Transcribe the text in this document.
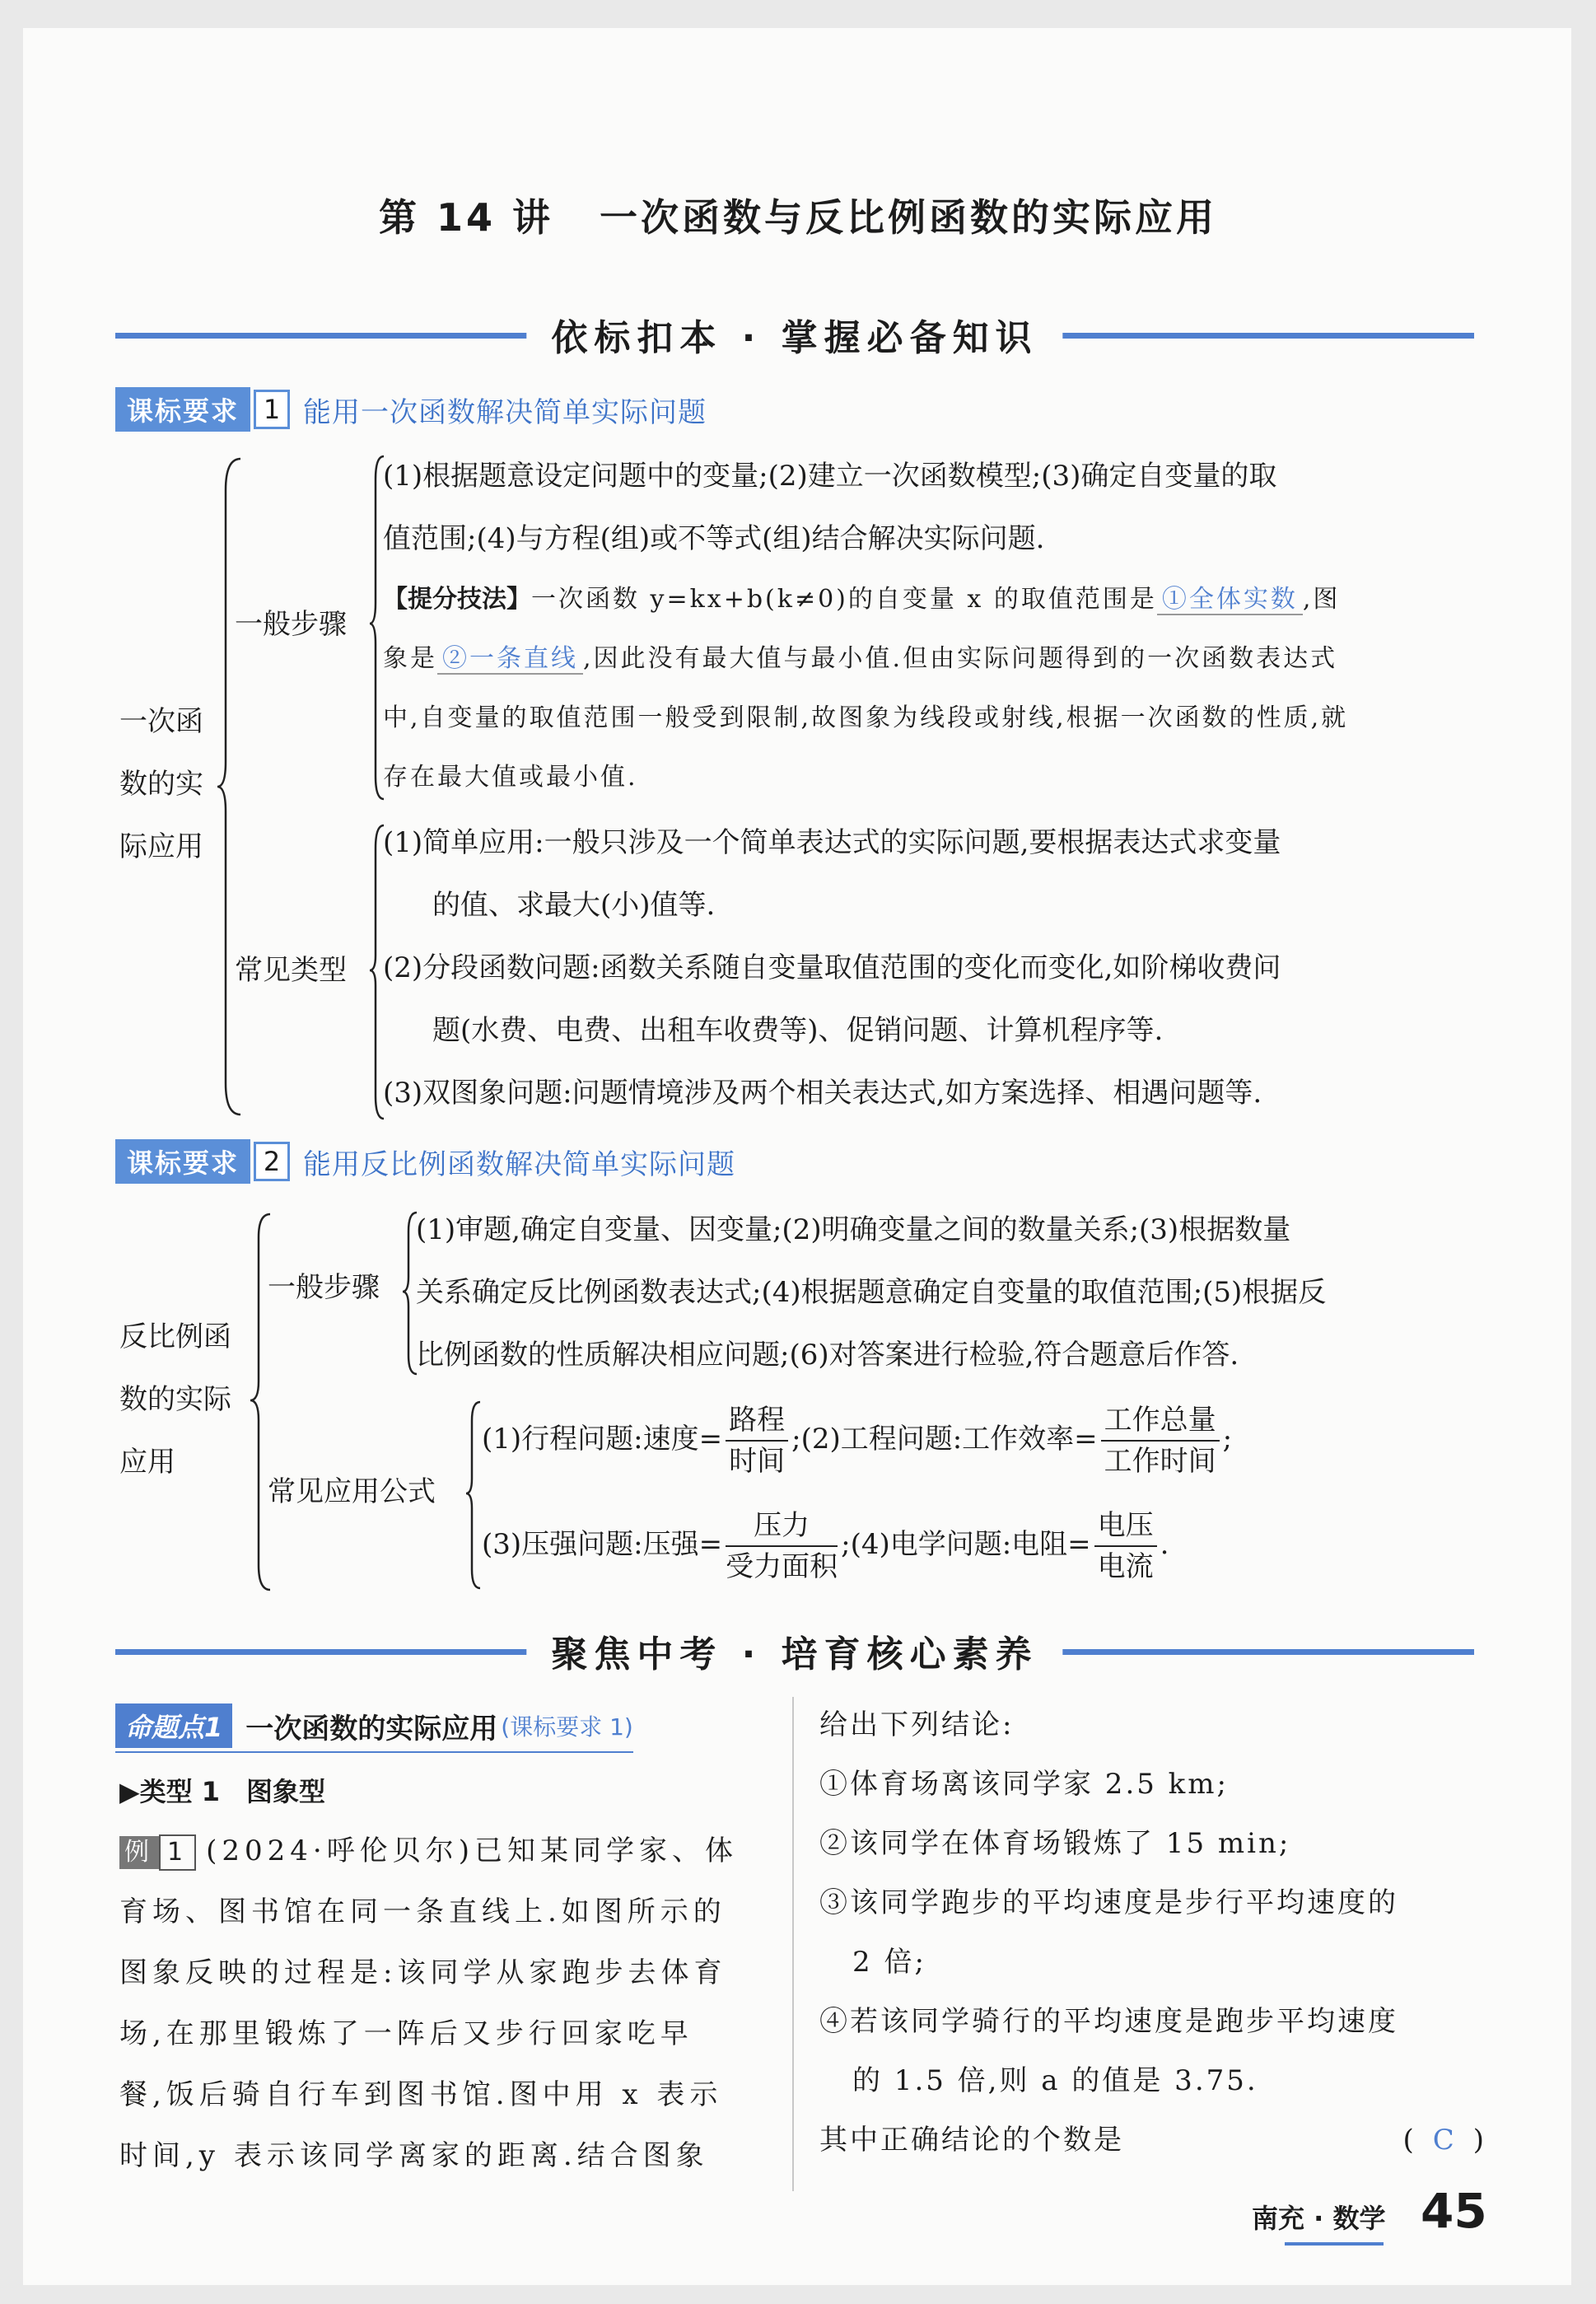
第 14 讲 一次函数与反比例函数的实际应用
依标扣本 · 掌握必备知识
课标要求 1 能用一次函数解决简单实际问题
一次函
数的实
际应用
一般步骤
(1)根据题意设定问题中的变量;(2)建立一次函数模型;(3)确定自变量的取
值范围;(4)与方程(组)或不等式(组)结合解决实际问题.
【提分技法】一次函数 y=kx+b(k≠0)的自变量 x 的取值范围是 ①全体实数 ,图
象是 ②一条直线 ,因此没有最大值与最小值.但由实际问题得到的一次函数表达式
中,自变量的取值范围一般受到限制,故图象为线段或射线,根据一次函数的性质,就
存在最大值或最小值.
常见类型
(1)简单应用:一般只涉及一个简单表达式的实际问题,要根据表达式求变量
的值、求最大(小)值等.
(2)分段函数问题:函数关系随自变量取值范围的变化而变化,如阶梯收费问
题(水费、电费、出租车收费等)、促销问题、计算机程序等.
(3)双图象问题:问题情境涉及两个相关表达式,如方案选择、相遇问题等.
课标要求 2 能用反比例函数解决简单实际问题
反比例函
数的实际
应用
一般步骤
(1)审题,确定自变量、因变量;(2)明确变量之间的数量关系;(3)根据数量
关系确定反比例函数表达式;(4)根据题意确定自变量的取值范围;(5)根据反
比例函数的性质解决相应问题;(6)对答案进行检验,符合题意后作答.
常见应用公式
(1)行程问题:速度= $\frac{\text{路程}}{\text{时间}}$ ;(2)工程问题:工作效率= $\frac{\text{工作总量}}{\text{工作时间}}$ ;
(3)压强问题:压强= $\frac{\text{压力}}{\text{受力面积}}$ ;(4)电学问题:电阻= $\frac{\text{电压}}{\text{电流}}$ .
聚焦中考 · 培育核心素养
命题点1 一次函数的实际应用 (课标要求 1)
▶类型 1　图象型
例 1 (2024·呼伦贝尔)已知某同学家、体
育场、图书馆在同一条直线上.如图所示的
图象反映的过程是:该同学从家跑步去体育
场,在那里锻炼了一阵后又步行回家吃早
餐,饭后骑自行车到图书馆.图中用 x 表示
时间,y 表示该同学离家的距离.结合图象
给出下列结论:
①体育场离该同学家 2.5 km;
②该同学在体育场锻炼了 15 min;
③该同学跑步的平均速度是步行平均速度的
2 倍;
④若该同学骑行的平均速度是跑步平均速度
的 1.5 倍,则 a 的值是 3.75.
其中正确结论的个数是	( C )
南充 · 数学 45
